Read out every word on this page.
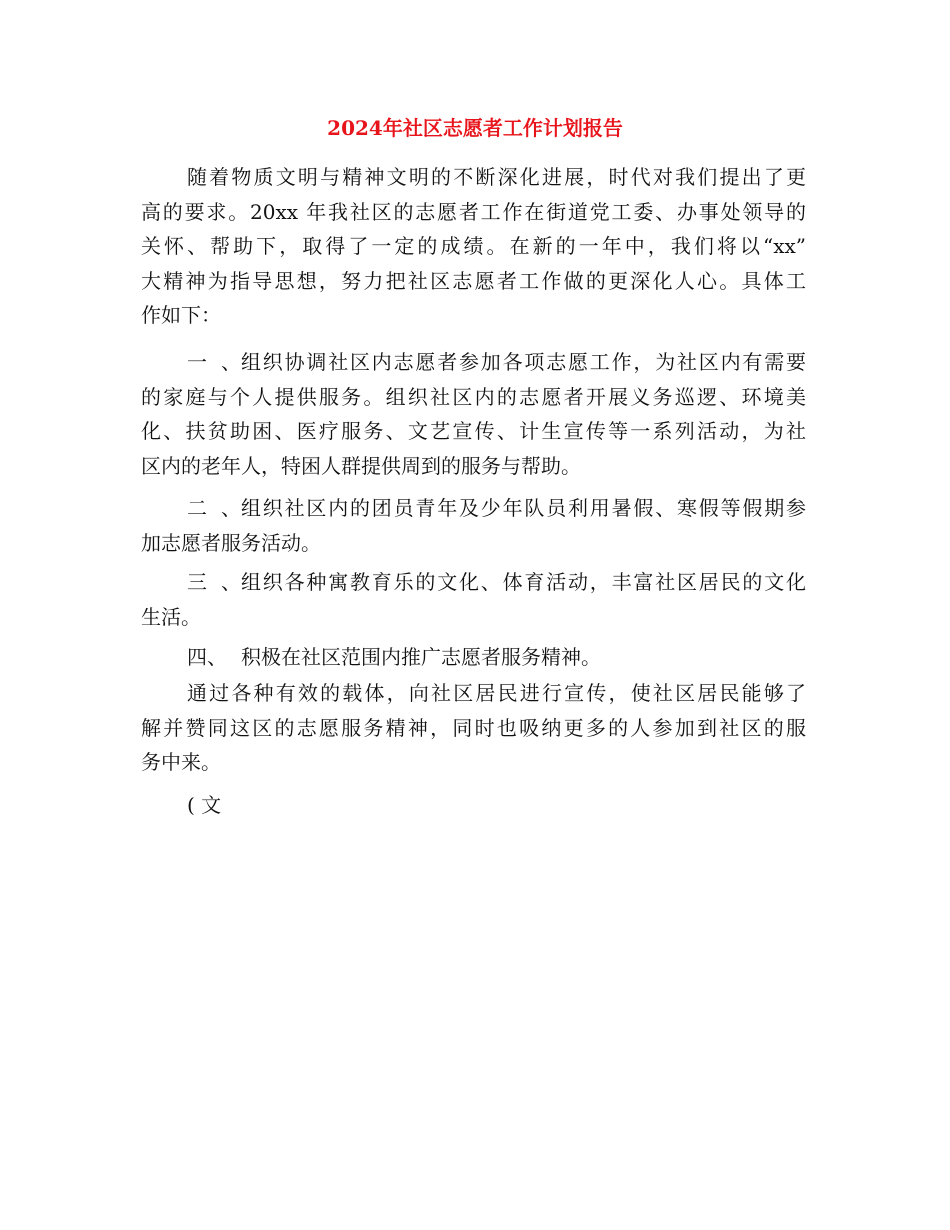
2024年社区志愿者工作计划报告
随着物质文明与精神文明的不断深化进展，时代对我们提出了更
高的要求。20xx 年我社区的志愿者工作在街道党工委、办事处领导的
关怀、帮助下，取得了一定的成绩。在新的一年中，我们将以“xx”
大精神为指导思想，努力把社区志愿者工作做的更深化人心。具体工
作如下：
一、 组织协调社区内志愿者参加各项志愿工作，为社区内有需要
的家庭与个人提供服务。组织社区内的志愿者开展义务巡逻、环境美
化、扶贫助困、医疗服务、文艺宣传、计生宣传等一系列活动，为社
区内的老年人，特困人群提供周到的服务与帮助。
二、 组织社区内的团员青年及少年队员利用暑假、寒假等假期参
加志愿者服务活动。
三、 组织各种寓教育乐的文化、体育活动，丰富社区居民的文化
生活。
四、 积极在社区范围内推广志愿者服务精神。
通过各种有效的载体，向社区居民进行宣传，使社区居民能够了
解并赞同这区的志愿服务精神，同时也吸纳更多的人参加到社区的服
务中来。
( 文
